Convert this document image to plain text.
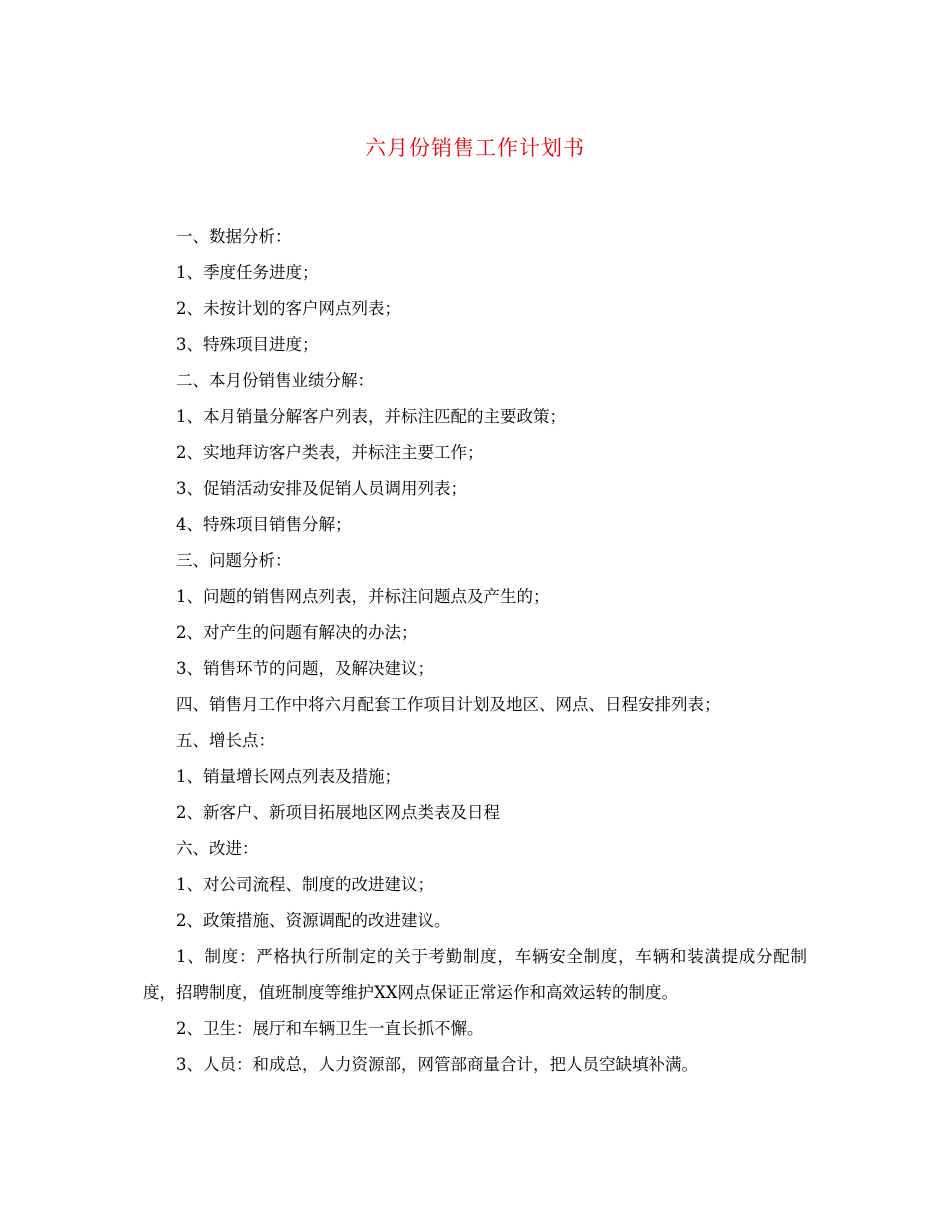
六月份销售工作计划书

一、数据分析：

1、季度任务进度；

2、未按计划的客户网点列表；

3、特殊项目进度；

二、本月份销售业绩分解：

1、本月销量分解客户列表，并标注匹配的主要政策；

2、实地拜访客户类表，并标注主要工作；

3、促销活动安排及促销人员调用列表；

4、特殊项目销售分解；

三、问题分析：

1、问题的销售网点列表，并标注问题点及产生的；

2、对产生的问题有解决的办法；

3、销售环节的问题，及解决建议；

四、销售月工作中将六月配套工作项目计划及地区、网点、日程安排列表；

五、增长点：

1、销量增长网点列表及措施；

2、新客户、新项目拓展地区网点类表及日程

六、改进：

1、对公司流程、制度的改进建议；

2、政策措施、资源调配的改进建议。

1、制度：严格执行所制定的关于考勤制度，车辆安全制度，车辆和装潢提成分配制度，招聘制度，值班制度等维护XX网点保证正常运作和高效运转的制度。

2、卫生：展厅和车辆卫生一直长抓不懈。

3、人员：和成总，人力资源部，网管部商量合计，把人员空缺填补满。
